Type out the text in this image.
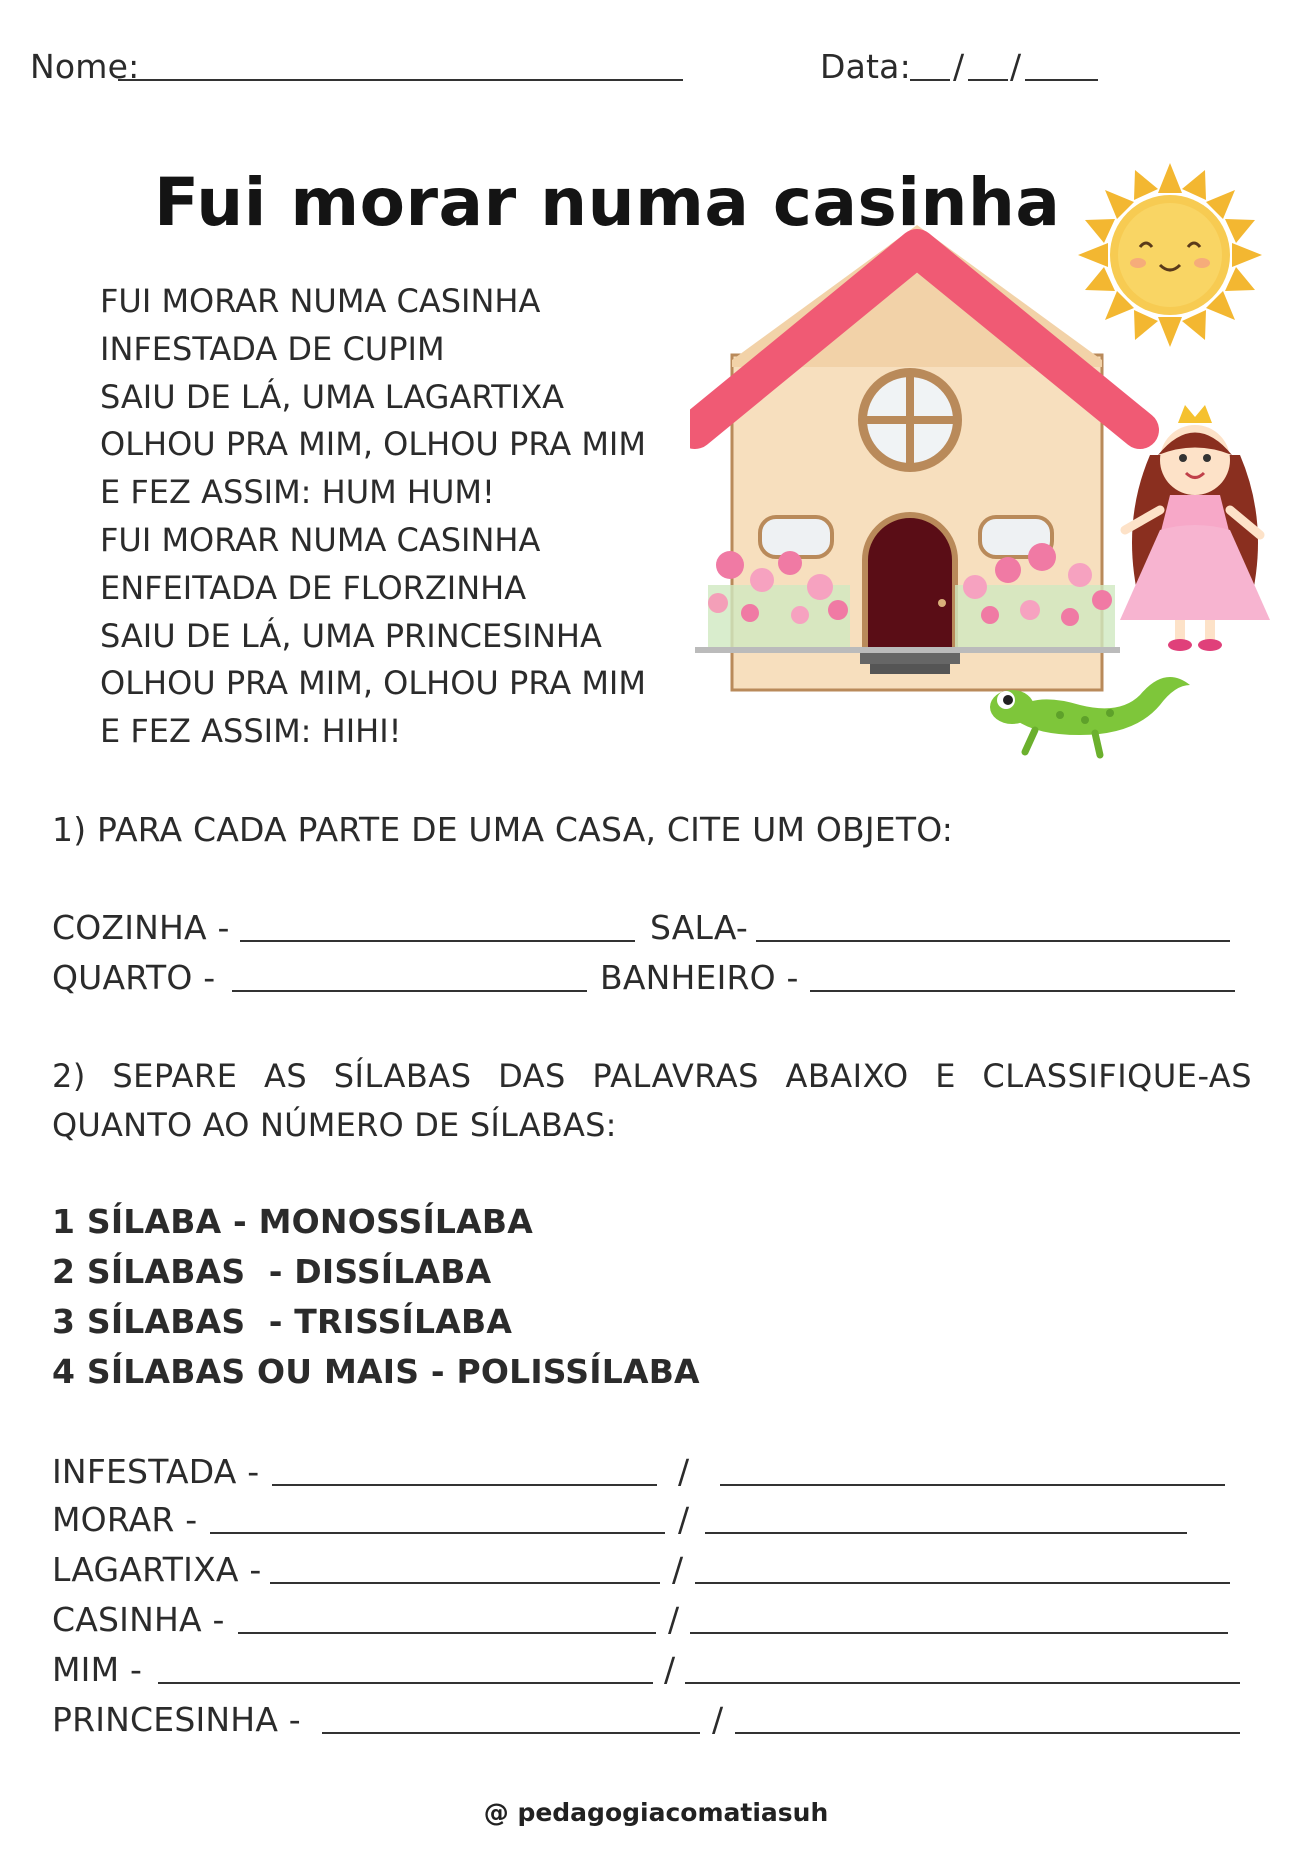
Nome:	Data: / /
Fui morar numa casinha
FUI MORAR NUMA CASINHA
INFESTADA DE CUPIM
SAIU DE LÁ, UMA LAGARTIXA
OLHOU PRA MIM, OLHOU PRA MIM
E FEZ ASSIM: HUM HUM!
FUI MORAR NUMA CASINHA
ENFEITADA DE FLORZINHA
SAIU DE LÁ, UMA PRINCESINHA
OLHOU PRA MIM, OLHOU PRA MIM
E FEZ ASSIM: HIHI!
1) PARA CADA PARTE DE UMA CASA, CITE UM OBJETO:
COZINHA -	SALA-
QUARTO -	BANHEIRO -
2) SEPARE AS SÍLABAS DAS PALAVRAS ABAIXO E CLASSIFIQUE-AS
QUANTO AO NÚMERO DE SÍLABAS:
1 SÍLABA - MONOSSÍLABA
2 SÍLABAS  - DISSÍLABA
3 SÍLABAS  - TRISSÍLABA
4 SÍLABAS OU MAIS - POLISSÍLABA
INFESTADA -	/
MORAR -	/
LAGARTIXA -	/
CASINHA -	/
MIM -	/
PRINCESINHA -	/
@ pedagogiacomatiasuh
